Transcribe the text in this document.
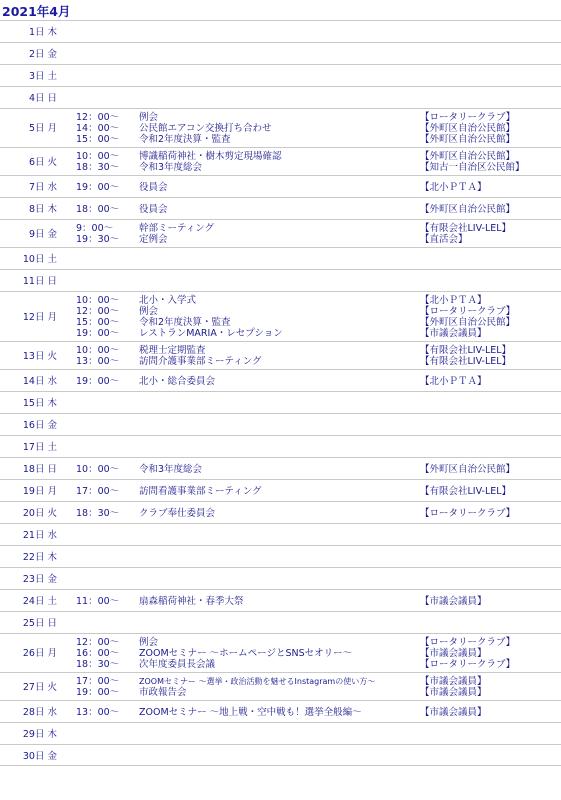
2021年4月
1日 木
2日 金
3日 土
4日 日
5日 月
12：00～ 例会	【ロータリークラブ】
14：00～ 公民館エアコン交換打ち合わせ	【外町区自治公民館】
15：00～ 令和2年度決算・監査	【外町区自治公民館】
6日 火 10：00～ 博識稲荷神社・樹木剪定現場確認	【外町区自治公民館】
18：30～ 令和3年度総会	【知古一自治区公民館】
7日 水 19：00～ 役員会	【北小ＰＴＡ】
8日 木 18：00～ 役員会	【外町区自治公民館】
9日 金 9：00～	幹部ミーティング	【有限会社LIV-LEL】
19：30～ 定例会	【直活会】
10日 土
11日 日
12日 月
10：00～ 北小・入学式	【北小ＰＴＡ】
12：00～ 例会	【ロータリークラブ】
15：00～ 令和2年度決算・監査	【外町区自治公民館】
19：00～ レストランMARIA・レセプション	【市議会議員】
13日 火 10：00～ 税理士定期監査	【有限会社LIV-LEL】
13：00～ 訪問介護事業部ミーティング	【有限会社LIV-LEL】
14日 水 19：00～ 北小・総合委員会	【北小ＰＴＡ】
15日 木
16日 金
17日 土
18日 日 10：00～ 令和3年度総会	【外町区自治公民館】
19日 月 17：00～ 訪問看護事業部ミーティング	【有限会社LIV-LEL】
20日 火 18：30～ クラブ奉仕委員会	【ロータリークラブ】
21日 水
22日 木
23日 金
24日 土 11：00～ 扇森稲荷神社・春季大祭	【市議会議員】
25日 日
26日 月
12：00～ 例会	【ロータリークラブ】
16：00～ ZOOMセミナー ～ホームページとSNSセオリー～	【市議会議員】
18：30～ 次年度委員長会議	【ロータリークラブ】
27日 火 17：00～ ZOOMセミナー ～選挙・政治活動を魅せるInstagramの使い方～	【市議会議員】
19：00～ 市政報告会	【市議会議員】
28日 水 13：00～ ZOOMセミナー ～地上戦・空中戦も！選挙全般編～	【市議会議員】
29日 木
30日 金
